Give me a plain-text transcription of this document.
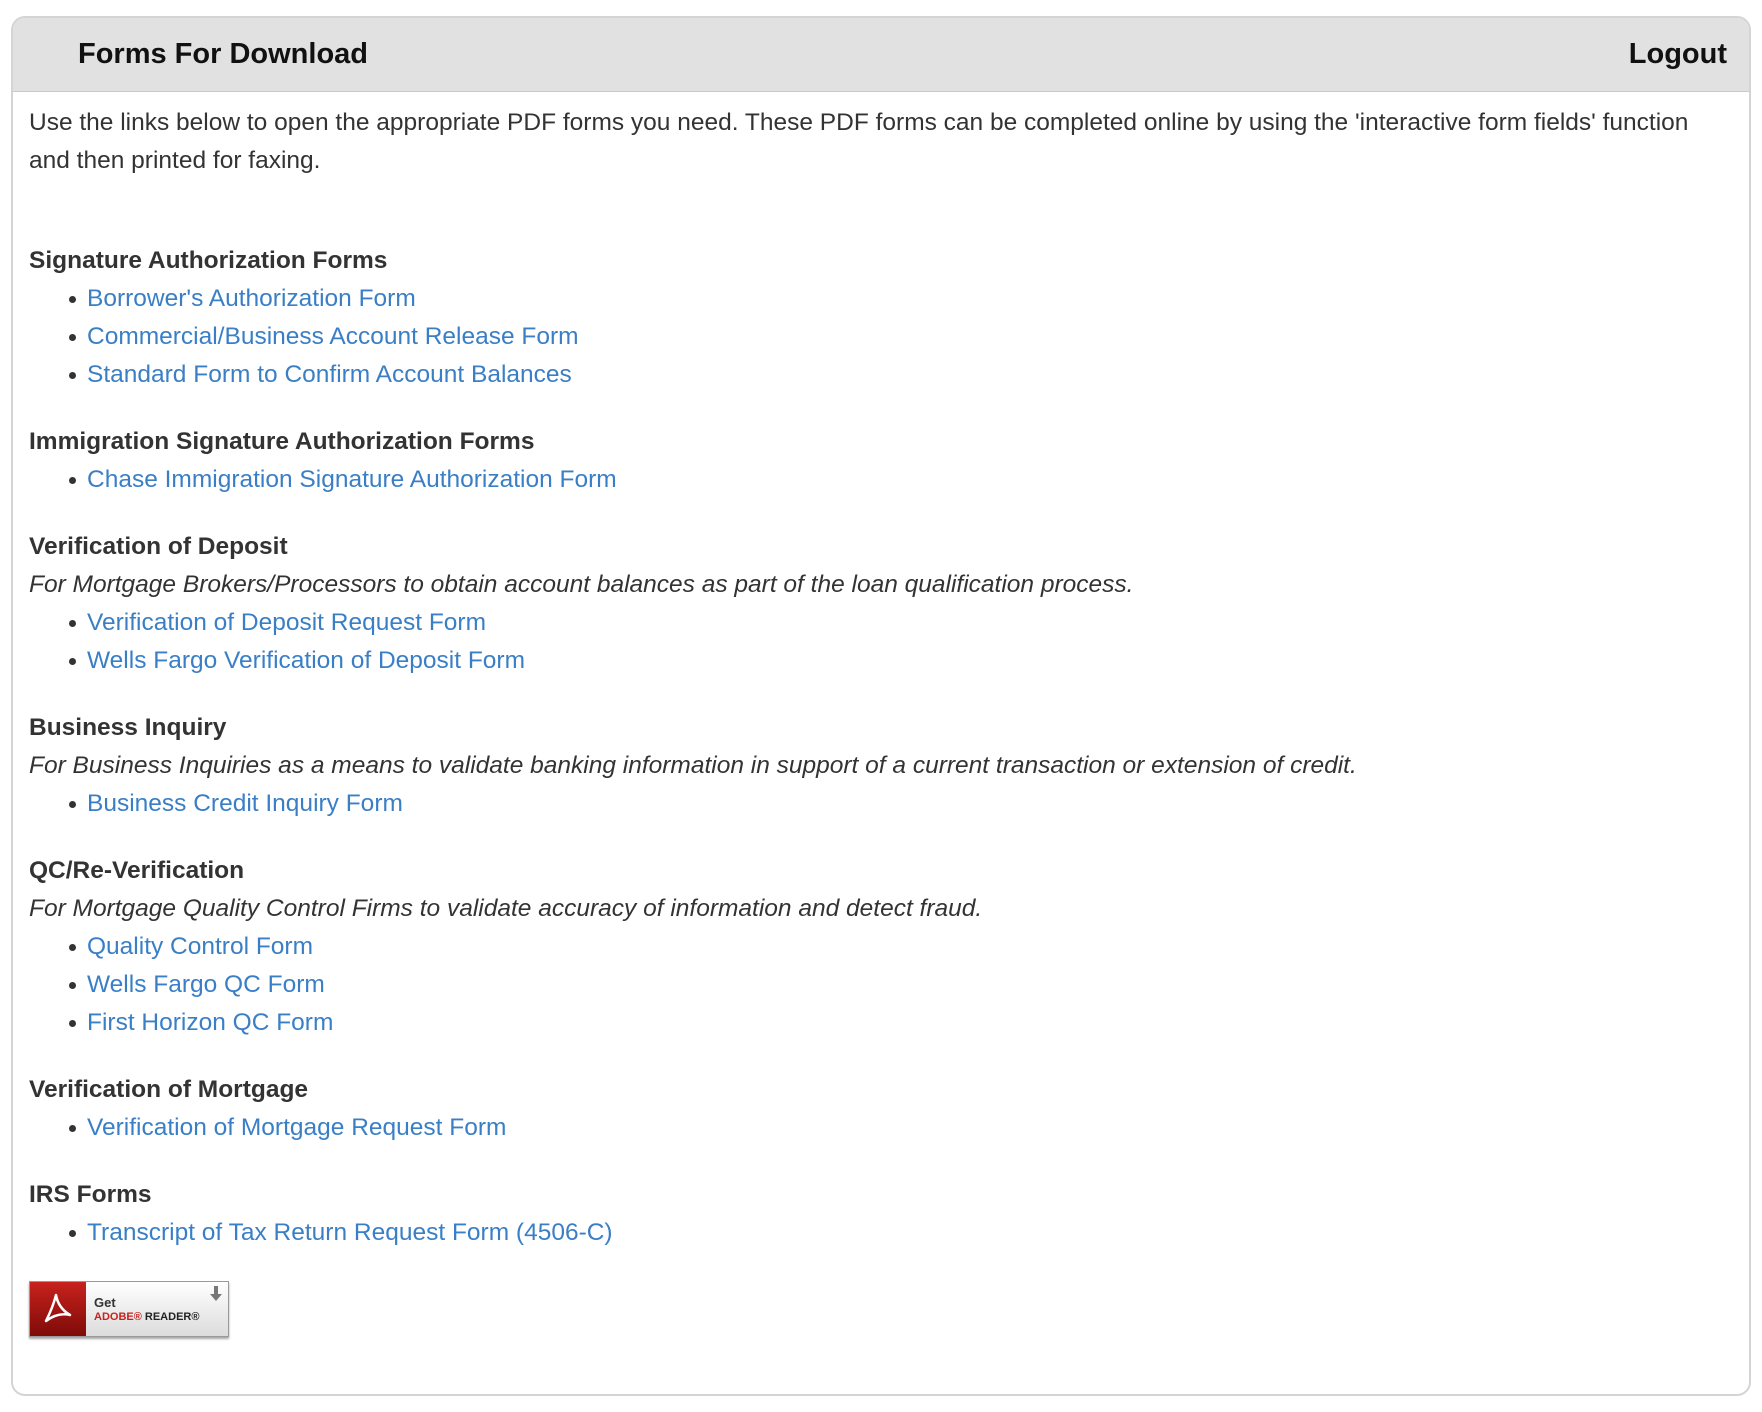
Forms For Download	Logout

Use the links below to open the appropriate PDF forms you need. These PDF forms can be completed online by using the 'interactive form fields' function and then printed for faxing.

Signature Authorization Forms

Borrower's Authorization Form
Commercial/Business Account Release Form
Standard Form to Confirm Account Balances

Immigration Signature Authorization Forms

Chase Immigration Signature Authorization Form

Verification of Deposit

For Mortgage Brokers/Processors to obtain account balances as part of the loan qualification process.

Verification of Deposit Request Form
Wells Fargo Verification of Deposit Form

Business Inquiry

For Business Inquiries as a means to validate banking information in support of a current transaction or extension of credit.

Business Credit Inquiry Form

QC/Re-Verification

For Mortgage Quality Control Firms to validate accuracy of information and detect fraud.

Quality Control Form
Wells Fargo QC Form
First Horizon QC Form

Verification of Mortgage

Verification of Mortgage Request Form

IRS Forms

Transcript of Tax Return Request Form (4506-C)
Get
ADOBE® READER®
